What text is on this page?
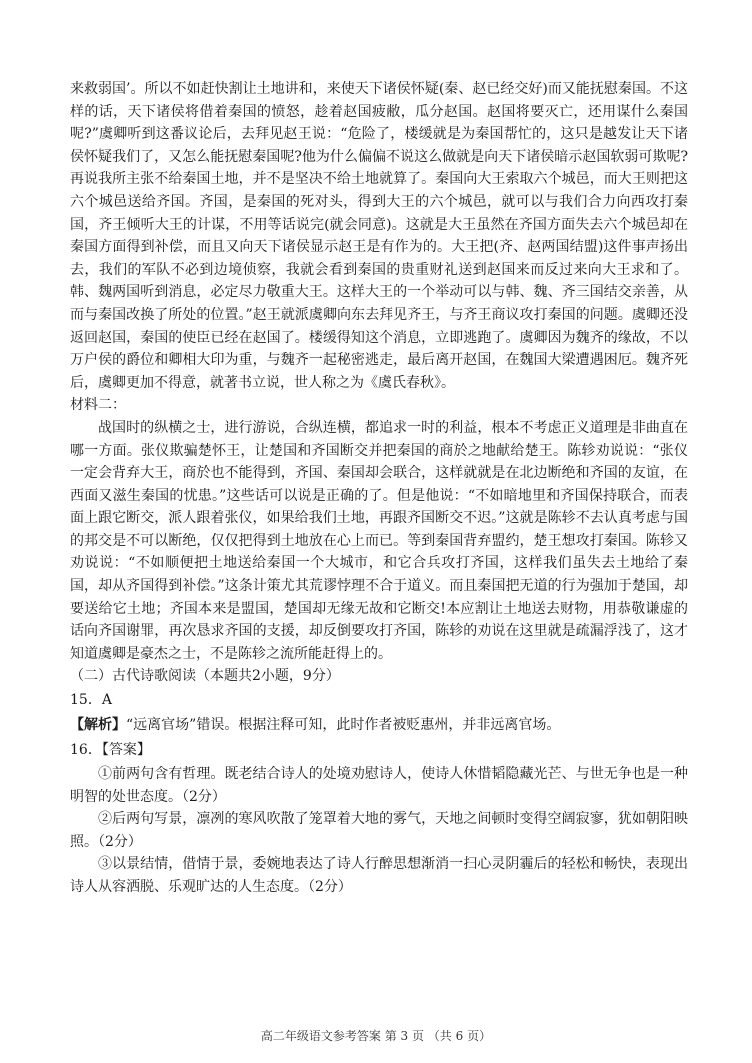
来救弱国’。所以不如赶快割让土地讲和，来使天下诸侯怀疑(秦、赵已经交好)而又能抚慰秦国。不这样的话，天下诸侯将借着秦国的愤怒，趁着赵国疲敝，瓜分赵国。赵国将要灭亡，还用谋什么秦国呢?”虞卿听到这番议论后，去拜见赵王说：“危险了，楼缓就是为秦国帮忙的，这只是越发让天下诸侯怀疑我们了，又怎么能抚慰秦国呢?他为什么偏偏不说这么做就是向天下诸侯暗示赵国软弱可欺呢?再说我所主张不给秦国土地，并不是坚决不给土地就算了。秦国向大王索取六个城邑，而大王则把这六个城邑送给齐国。齐国，是秦国的死对头，得到大王的六个城邑，就可以与我们合力向西攻打秦国，齐王倾听大王的计谋，不用等话说完(就会同意)。这就是大王虽然在齐国方面失去六个城邑却在秦国方面得到补偿，而且又向天下诸侯显示赵王是有作为的。大王把(齐、赵两国结盟)这件事声扬出去，我们的军队不必到边境侦察，我就会看到秦国的贵重财礼送到赵国来而反过来向大王求和了。韩、魏两国听到消息，必定尽力敬重大王。这样大王的一个举动可以与韩、魏、齐三国结交亲善，从而与秦国改换了所处的位置。”赵王就派虞卿向东去拜见齐王，与齐王商议攻打秦国的问题。虞卿还没返回赵国，秦国的使臣已经在赵国了。楼缓得知这个消息，立即逃跑了。虞卿因为魏齐的缘故，不以万户侯的爵位和卿相大印为重，与魏齐一起秘密逃走，最后离开赵国，在魏国大梁遭遇困厄。魏齐死后，虞卿更加不得意，就著书立说，世人称之为《虞氏春秋》。

材料二：

战国时的纵横之士，进行游说，合纵连横，都追求一时的利益，根本不考虑正义道理是非曲直在哪一方面。张仪欺骗楚怀王，让楚国和齐国断交并把秦国的商於之地献给楚王。陈轸劝说说：“张仪一定会背弃大王，商於也不能得到，齐国、秦国却会联合，这样就就是在北边断绝和齐国的友谊，在西面又滋生秦国的忧患。”这些话可以说是正确的了。但是他说：“不如暗地里和齐国保持联合，而表面上跟它断交，派人跟着张仪，如果给我们土地，再跟齐国断交不迟。”这就是陈轸不去认真考虑与国的邦交是不可以断绝，仅仅把得到土地放在心上而已。等到秦国背弃盟约，楚王想攻打秦国。陈轸又劝说说：“不如顺便把土地送给秦国一个大城市，和它合兵攻打齐国，这样我们虽失去土地给了秦国，却从齐国得到补偿。”这条计策尤其荒谬悖理不合于道义。而且秦国把无道的行为强加于楚国，却要送给它土地；齐国本来是盟国，楚国却无缘无故和它断交!本应割让土地送去财物，用恭敬谦虚的话向齐国谢罪，再次恳求齐国的支援，却反倒要攻打齐国，陈轸的劝说在这里就是疏漏浮浅了，这才知道虞卿是豪杰之士，不是陈轸之流所能赶得上的。

（二）古代诗歌阅读（本题共2小题，9分）

15．A

【解析】“远离官场”错误。根据注释可知，此时作者被贬惠州，并非远离官场。

16．【答案】

①前两句含有哲理。既老结合诗人的处境劝慰诗人，使诗人休惜韬隐藏光芒、与世无争也是一种明智的处世态度。（2分）

②后两句写景，凛冽的寒风吹散了笼罩着大地的雾气，天地之间顿时变得空阔寂寥，犹如朝阳映照。（2分）

③以景结情，借情于景，委婉地表达了诗人行醉思想渐消一扫心灵阴霾后的轻松和畅快，表现出诗人从容洒脱、乐观旷达的人生态度。（2分）

高二年级语文参考答案 第 3 页 （共 6 页）
